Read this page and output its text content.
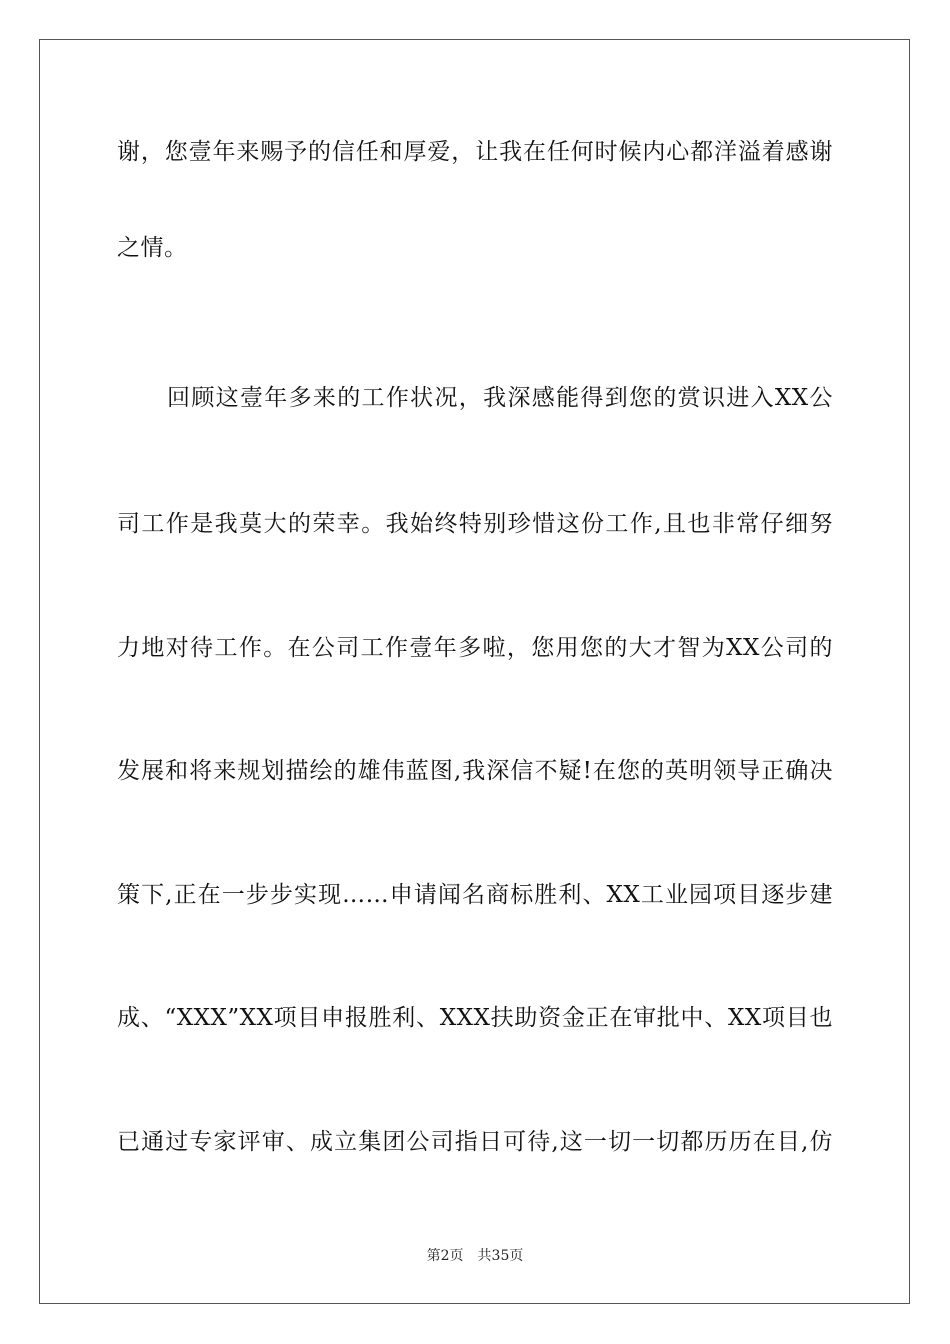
谢，您壹年来赐予的信任和厚爱，让我在任何时候内心都洋溢着感谢
之情。
回顾这壹年多来的工作状况，我深感能得到您的赏识进入XX公
司工作是我莫大的荣幸。我始终特别珍惜这份工作,且也非常仔细努
力地对待工作。在公司工作壹年多啦，您用您的大才智为XX公司的
发展和将来规划描绘的雄伟蓝图,我深信不疑!在您的英明领导正确决
策下,正在一步步实现……申请闻名商标胜利、XX工业园项目逐步建
成、“XXX”XX项目申报胜利、XXX扶助资金正在审批中、XX项目也
已通过专家评审、成立集团公司指日可待,这一切一切都历历在目,仿
第2页 共35页
